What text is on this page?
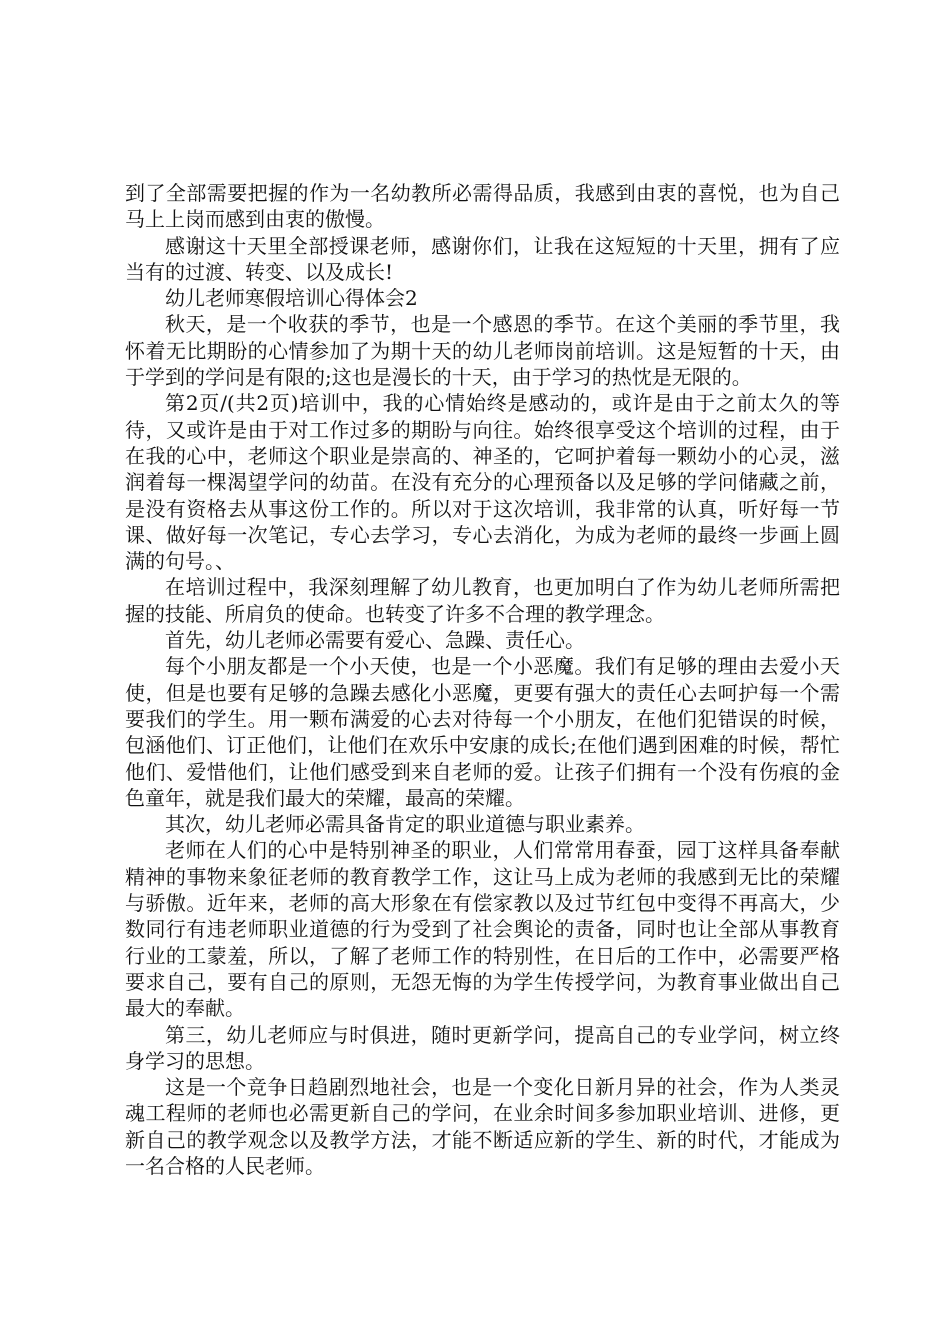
到了全部需要把握的作为一名幼教所必需得品质，我感到由衷的喜悦，也为自己马上上岗而感到由衷的傲慢。

感谢这十天里全部授课老师，感谢你们，让我在这短短的十天里，拥有了应当有的过渡、转变、以及成长!

幼儿老师寒假培训心得体会2

秋天，是一个收获的季节，也是一个感恩的季节。在这个美丽的季节里，我怀着无比期盼的心情参加了为期十天的幼儿老师岗前培训。这是短暂的十天，由于学到的学问是有限的;这也是漫长的十天，由于学习的热忱是无限的。

第2页/(共2页)培训中，我的心情始终是感动的，或许是由于之前太久的等待，又或许是由于对工作过多的期盼与向往。始终很享受这个培训的过程，由于在我的心中，老师这个职业是崇高的、神圣的，它呵护着每一颗幼小的心灵，滋润着每一棵渴望学问的幼苗。在没有充分的心理预备以及足够的学问储藏之前，是没有资格去从事这份工作的。所以对于这次培训，我非常的认真，听好每一节课、做好每一次笔记，专心去学习，专心去消化，为成为老师的最终一步画上圆满的句号。、

在培训过程中，我深刻理解了幼儿教育，也更加明白了作为幼儿老师所需把握的技能、所肩负的使命。也转变了许多不合理的教学理念。

首先，幼儿老师必需要有爱心、急躁、责任心。

每个小朋友都是一个小天使，也是一个小恶魔。我们有足够的理由去爱小天使，但是也要有足够的急躁去感化小恶魔，更要有强大的责任心去呵护每一个需要我们的学生。用一颗布满爱的心去对待每一个小朋友，在他们犯错误的时候，包涵他们、订正他们，让他们在欢乐中安康的成长;在他们遇到困难的时候，帮忙他们、爱惜他们，让他们感受到来自老师的爱。让孩子们拥有一个没有伤痕的金色童年，就是我们最大的荣耀，最高的荣耀。

其次，幼儿老师必需具备肯定的职业道德与职业素养。

老师在人们的心中是特别神圣的职业，人们常常用春蚕，园丁这样具备奉献精神的事物来象征老师的教育教学工作，这让马上成为老师的我感到无比的荣耀与骄傲。近年来，老师的高大形象在有偿家教以及过节红包中变得不再高大，少数同行有违老师职业道德的行为受到了社会舆论的责备，同时也让全部从事教育行业的工蒙羞，所以，了解了老师工作的特别性，在日后的工作中，必需要严格要求自己，要有自己的原则，无怨无悔的为学生传授学问，为教育事业做出自己最大的奉献。

第三，幼儿老师应与时俱进，随时更新学问，提高自己的专业学问，树立终身学习的思想。

这是一个竞争日趋剧烈地社会，也是一个变化日新月异的社会，作为人类灵魂工程师的老师也必需更新自己的学问，在业余时间多参加职业培训、进修，更新自己的教学观念以及教学方法，才能不断适应新的学生、新的时代，才能成为一名合格的人民老师。
